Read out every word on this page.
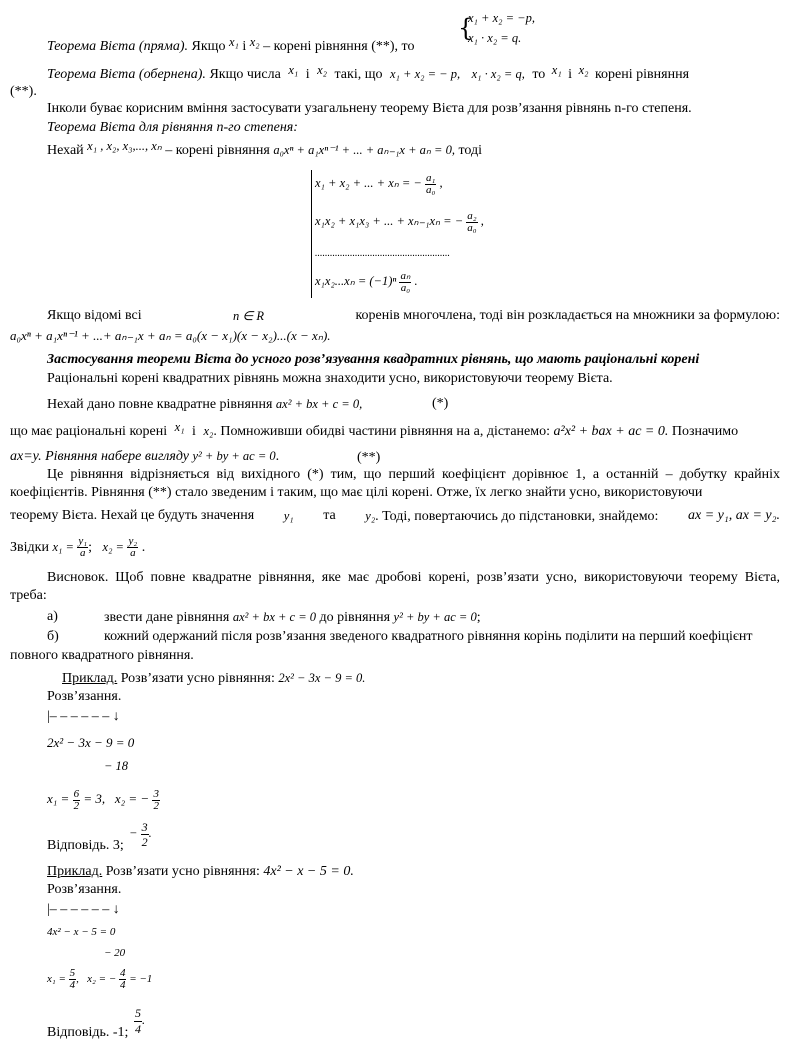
Теорема Вієта (пряма). Якщо x₁ і x₂ – корені рівняння (**), то
{
x₁ + x₂ = −p,
x₁ · x₂ = q.
Теорема Вієта (обернена). Якщо числа x₁ і x₂ такі, що x₁ + x₂ = − p, x₁ · x₂ = q, то x₁ і x₂ корені рівняння
(**).
Інколи буває корисним вміння застосувати узагальнену теорему Вієта для розв’язання рівнянь n-го степеня.
Теорема Вієта для рівняння n-го степеня:
Нехай x₁ , x₂, x₃,..., xₙ – корені рівняння a₀xⁿ + a₁xⁿ⁻¹ + ... + aₙ₋₁x + aₙ = 0, тоді
x₁ + x₂ + ... + xₙ = − $\frac{\text{a₁}}{\text{a₀}}$ ,
x₁x₂ + x₁x₃ + ... + xₙ₋₁xₙ = − $\frac{\text{a₂}}{\text{a₀}}$ ,
......................................................
$x_1x_2...x_n = (-1)^n \frac{\text{aₙ}}{\text{a₀}}$ .
Якщо відомі всі	n ∈ R	коренів многочлена, тоді він розкладається на множники за формулою:
a₀xⁿ + a₁xⁿ⁻¹ + ...+ aₙ₋₁x + aₙ = a₀(x − x₁)(x − x₂)...(x − xₙ).
Застосування теореми Вієта до усного розв’язування квадратних рівнянь, що мають раціональні корені
Раціональні корені квадратних рівнянь можна знаходити усно, використовуючи теорему Вієта.
Нехай дано повне квадратне рівняння ax² + bx + c = 0,	(*)
що має раціональні корені x₁ і x₂. Помноживши обидві частини рівняння на a, дістанемо: a²x² + bax + ac = 0. Позначимо
ax=y. Рівняння набере вигляду y² + by + ac = 0.	(**)
Це рівняння відрізняється від вихідного (*) тим, що перший коефіцієнт дорівнює 1, а останній – добутку крайніх коефіцієнтів. Рівняння (**) стало зведеним і таким, що має цілі корені. Отже, їх легко знайти усно, використовуючи
теорему Вієта. Нехай це будуть значення y₁ та y₂. Тоді, повертаючись до підстановки, знайдемо: ax = y₁, ax = y₂.
Звідки $x_1 = \frac{\text{y₁}}{a}$ ; $x_2 = \frac{\text{y₂}}{a}$ .
Висновок. Щоб повне квадратне рівняння, яке має дробові корені, розв’язати усно, використовуючи теорему Вієта,
треба:
а)	звести дане рівняння ax² + bx + c = 0 до рівняння y² + by + ac = 0;
б)	кожний одержаний після розв’язання зведеного квадратного рівняння корінь поділити на перший коефіцієнт
повного квадратного рівняння.
Приклад. Розв’язати усно рівняння: 2x² − 3x − 9 = 0.
Розв’язання.
|– – – – – – ↓
2x² − 3x − 9 = 0
− 18
$x_1 = \frac{6}{2} = 3$, x₂ = − $\frac{3}{2}$
Відповідь. 3;
− $\frac{3}{2}$ .
Приклад. Розв’язати усно рівняння: 4x² − x − 5 = 0.
Розв’язання.
|– – – – – – ↓
4x² − x − 5 = 0
− 20
$x_1 = \frac{5}{4}$ , x₂ = − $\frac{4}{4} = -1$
Відповідь. -1; $\frac{5}{4}$ .
